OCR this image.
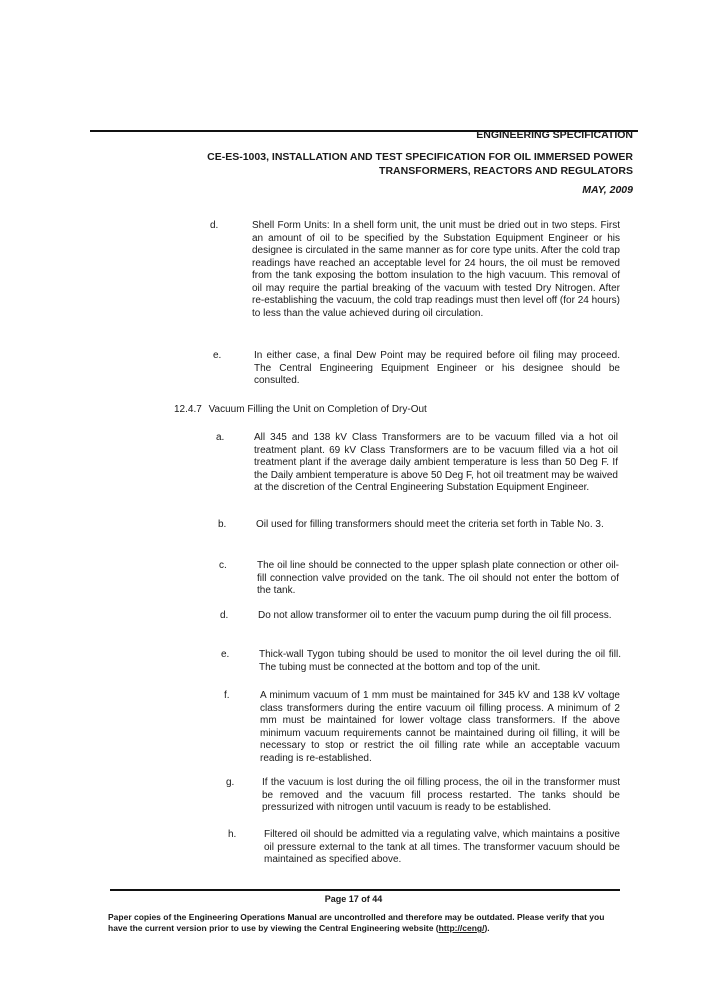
ENGINEERING SPECIFICATION
CE-ES-1003, INSTALLATION AND TEST SPECIFICATION FOR OIL IMMERSED POWER
TRANSFORMERS, REACTORS AND REGULATORS
MAY, 2009
d.	Shell Form Units: In a shell form unit, the unit must be dried out in two steps. First an amount of oil to be specified by the Substation Equipment Engineer or his designee is circulated in the same manner as for core type units. After the cold trap readings have reached an acceptable level for 24 hours, the oil must be removed from the tank exposing the bottom insulation to the high vacuum. This removal of oil may require the partial breaking of the vacuum with tested Dry Nitrogen. After re-establishing the vacuum, the cold trap readings must then level off (for 24 hours) to less than the value achieved during oil circulation.
e.	In either case, a final Dew Point may be required before oil filing may proceed. The Central Engineering Equipment Engineer or his designee should be consulted.
12.4.7 Vacuum Filling the Unit on Completion of Dry-Out
a.	All 345 and 138 kV Class Transformers are to be vacuum filled via a hot oil treatment plant. 69 kV Class Transformers are to be vacuum filled via a hot oil treatment plant if the average daily ambient temperature is less than 50 Deg F. If the Daily ambient temperature is above 50 Deg F, hot oil treatment may be waived at the discretion of the Central Engineering Substation Equipment Engineer.
b.	Oil used for filling transformers should meet the criteria set forth in Table No. 3.
c.	The oil line should be connected to the upper splash plate connection or other oil-fill connection valve provided on the tank. The oil should not enter the bottom of the tank.
d.	Do not allow transformer oil to enter the vacuum pump during the oil fill process.
e.	Thick-wall Tygon tubing should be used to monitor the oil level during the oil fill. The tubing must be connected at the bottom and top of the unit.
f.	A minimum vacuum of 1 mm must be maintained for 345 kV and 138 kV voltage class transformers during the entire vacuum oil filling process. A minimum of 2 mm must be maintained for lower voltage class transformers. If the above minimum vacuum requirements cannot be maintained during oil filling, it will be necessary to stop or restrict the oil filling rate while an acceptable vacuum reading is re-established.
g.	If the vacuum is lost during the oil filling process, the oil in the transformer must be removed and the vacuum fill process restarted. The tanks should be pressurized with nitrogen until vacuum is ready to be established.
h.	Filtered oil should be admitted via a regulating valve, which maintains a positive oil pressure external to the tank at all times. The transformer vacuum should be maintained as specified above.
Page 17 of 44
Paper copies of the Engineering Operations Manual are uncontrolled and therefore may be outdated. Please verify that you have the current version prior to use by viewing the Central Engineering website (http://ceng/).
